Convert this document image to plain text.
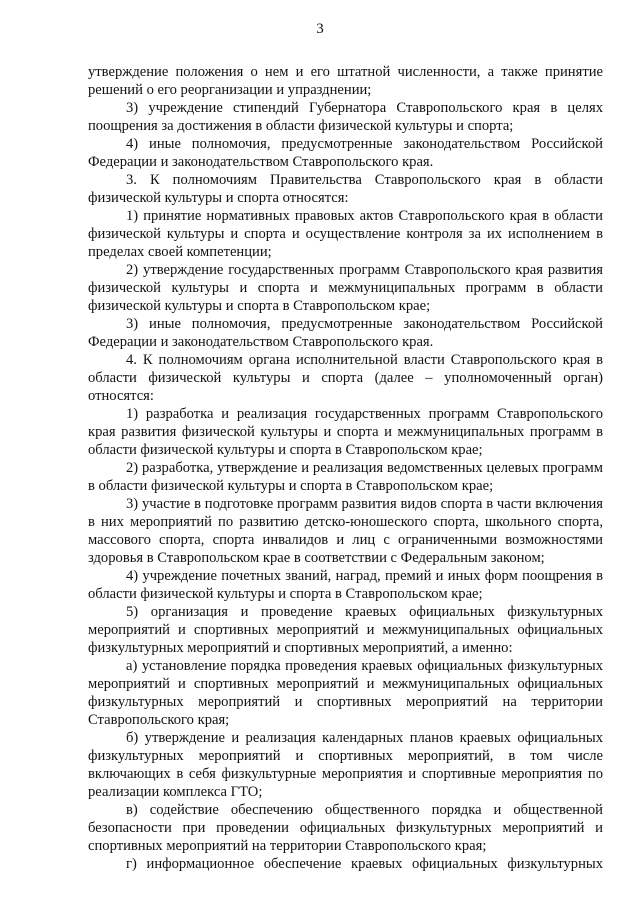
3

утверждение положения о нем и его штатной численности, а также принятие решений о его реорганизации и упразднении;

3) учреждение стипендий Губернатора Ставропольского края в целях поощрения за достижения в области физической культуры и спорта;

4) иные полномочия, предусмотренные законодательством Российской Федерации и законодательством Ставропольского края.

3. К полномочиям Правительства Ставропольского края в области физической культуры и спорта относятся:

1) принятие нормативных правовых актов Ставропольского края в области физической культуры и спорта и осуществление контроля за их исполнением в пределах своей компетенции;

2) утверждение государственных программ Ставропольского края развития физической культуры и спорта и межмуниципальных программ в области физической культуры и спорта в Ставропольском крае;

3) иные полномочия, предусмотренные законодательством Российской Федерации и законодательством Ставропольского края.

4. К полномочиям органа исполнительной власти Ставропольского края в области физической культуры и спорта (далее – уполномоченный орган) относятся:

1) разработка и реализация государственных программ Ставропольского края развития физической культуры и спорта и межмуниципальных программ в области физической культуры и спорта в Ставропольском крае;

2) разработка, утверждение и реализация ведомственных целевых программ в области физической культуры и спорта в Ставропольском крае;

3) участие в подготовке программ развития видов спорта в части включения в них мероприятий по развитию детско-юношеского спорта, школьного спорта, массового спорта, спорта инвалидов и лиц с ограниченными возможностями здоровья в Ставропольском крае в соответствии с Федеральным законом;

4) учреждение почетных званий, наград, премий и иных форм поощрения в области физической культуры и спорта в Ставропольском крае;

5) организация и проведение краевых официальных физкультурных мероприятий и спортивных мероприятий и межмуниципальных официальных физкультурных мероприятий и спортивных мероприятий, а именно:

а) установление порядка проведения краевых официальных физкультурных мероприятий и спортивных мероприятий и межмуниципальных официальных физкультурных мероприятий и спортивных мероприятий на территории Ставропольского края;

б) утверждение и реализация календарных планов краевых официальных физкультурных мероприятий и спортивных мероприятий, в том числе включающих в себя физкультурные мероприятия и спортивные мероприятия по реализации комплекса ГТО;

в) содействие обеспечению общественного порядка и общественной безопасности при проведении официальных физкультурных мероприятий и спортивных мероприятий на территории Ставропольского края;

г) информационное обеспечение краевых официальных физкультурных
